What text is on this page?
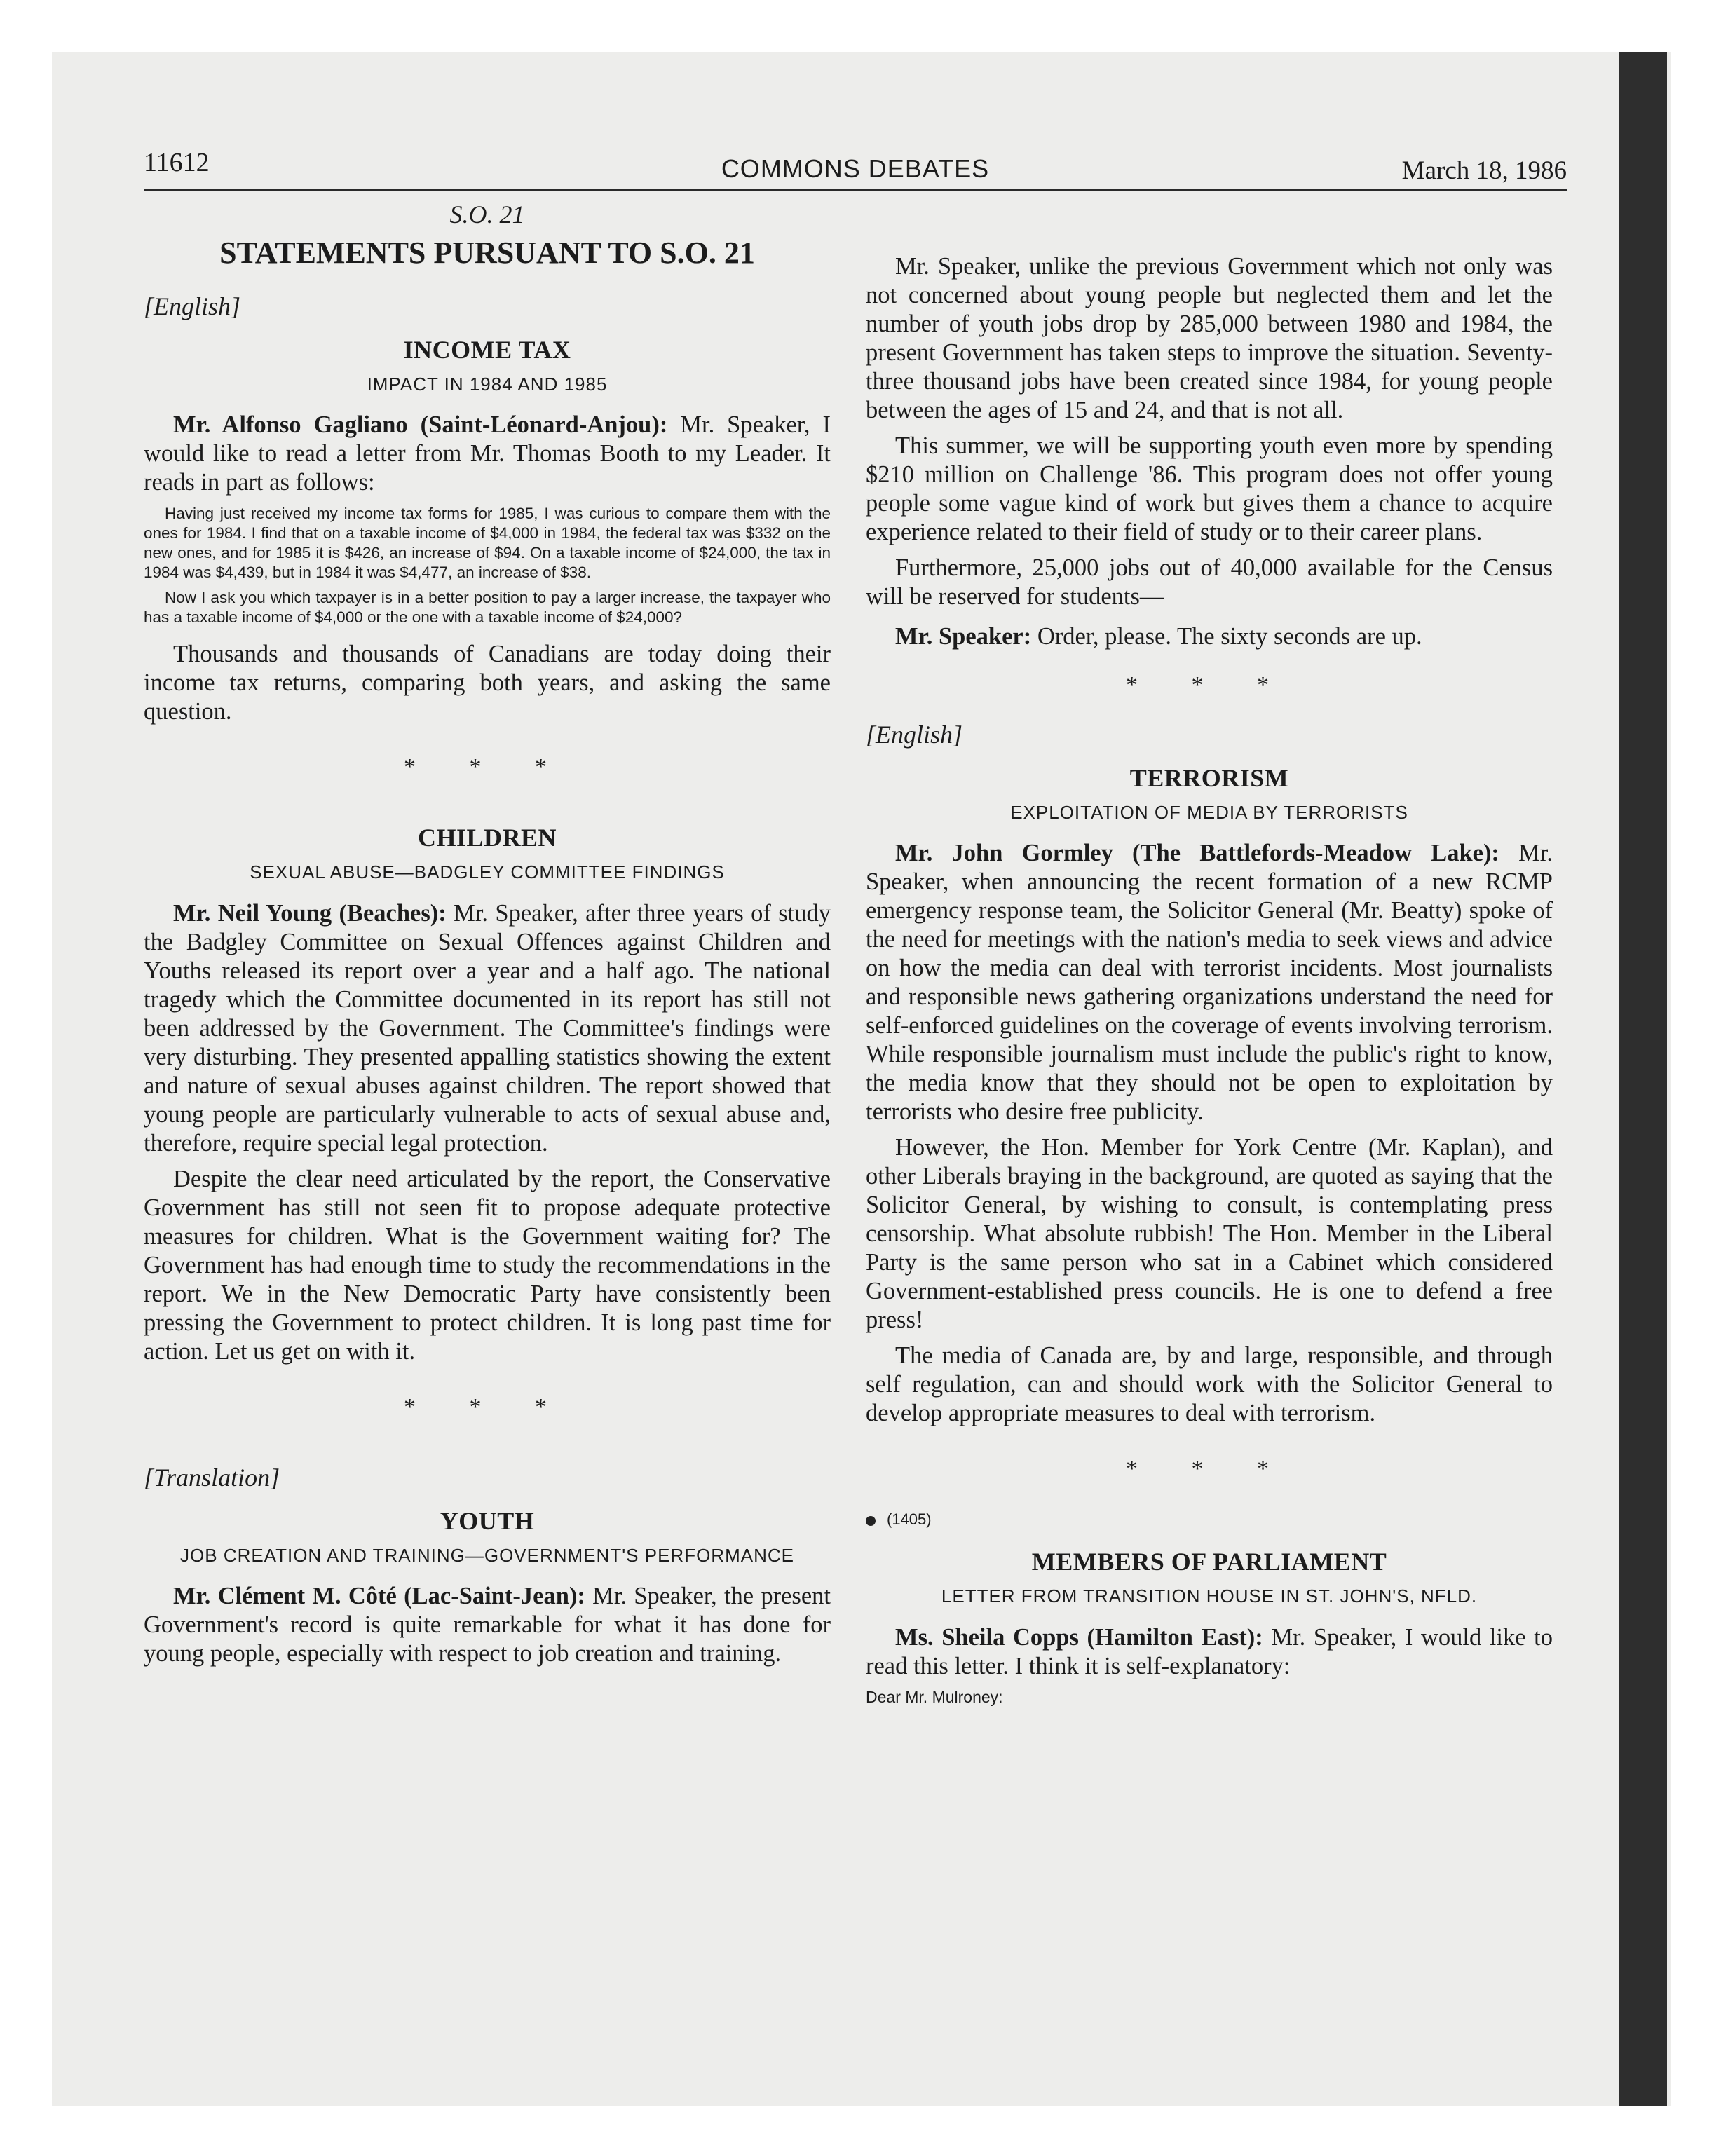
11612	COMMONS DEBATES	March 18, 1986
S.O. 21
STATEMENTS PURSUANT TO S.O. 21
[English]
INCOME TAX
IMPACT IN 1984 AND 1985

Mr. Alfonso Gagliano (Saint-Léonard-Anjou): Mr. Speaker, I would like to read a letter from Mr. Thomas Booth to my Leader. It reads in part as follows:

Having just received my income tax forms for 1985, I was curious to compare them with the ones for 1984. I find that on a taxable income of $4,000 in 1984, the federal tax was $332 on the new ones, and for 1985 it is $426, an increase of $94. On a taxable income of $24,000, the tax in 1984 was $4,439, but in 1984 it was $4,477, an increase of $38.
Now I ask you which taxpayer is in a better position to pay a larger increase, the taxpayer who has a taxable income of $4,000 or the one with a taxable income of $24,000?

Thousands and thousands of Canadians are today doing their income tax returns, comparing both years, and asking the same question.

* * *
CHILDREN
SEXUAL ABUSE—BADGLEY COMMITTEE FINDINGS

Mr. Neil Young (Beaches): Mr. Speaker, after three years of study the Badgley Committee on Sexual Offences against Children and Youths released its report over a year and a half ago. The national tragedy which the Committee documented in its report has still not been addressed by the Government. The Committee's findings were very disturbing. They presented appalling statistics showing the extent and nature of sexual abuses against children. The report showed that young people are particularly vulnerable to acts of sexual abuse and, therefore, require special legal protection.

Despite the clear need articulated by the report, the Conservative Government has still not seen fit to propose adequate protective measures for children. What is the Government waiting for? The Government has had enough time to study the recommendations in the report. We in the New Democratic Party have consistently been pressing the Government to protect children. It is long past time for action. Let us get on with it.

* * *
[Translation]
YOUTH
JOB CREATION AND TRAINING—GOVERNMENT'S PERFORMANCE

Mr. Clément M. Côté (Lac-Saint-Jean): Mr. Speaker, the present Government's record is quite remarkable for what it has done for young people, especially with respect to job creation and training.

Mr. Speaker, unlike the previous Government which not only was not concerned about young people but neglected them and let the number of youth jobs drop by 285,000 between 1980 and 1984, the present Government has taken steps to improve the situation. Seventy-three thousand jobs have been created since 1984, for young people between the ages of 15 and 24, and that is not all.

This summer, we will be supporting youth even more by spending $210 million on Challenge '86. This program does not offer young people some vague kind of work but gives them a chance to acquire experience related to their field of study or to their career plans.

Furthermore, 25,000 jobs out of 40,000 available for the Census will be reserved for students—

Mr. Speaker: Order, please. The sixty seconds are up.

* * *
[English]
TERRORISM
EXPLOITATION OF MEDIA BY TERRORISTS

Mr. John Gormley (The Battlefords-Meadow Lake): Mr. Speaker, when announcing the recent formation of a new RCMP emergency response team, the Solicitor General (Mr. Beatty) spoke of the need for meetings with the nation's media to seek views and advice on how the media can deal with terrorist incidents. Most journalists and responsible news gathering organizations understand the need for self-enforced guidelines on the coverage of events involving terrorism. While responsible journalism must include the public's right to know, the media know that they should not be open to exploitation by terrorists who desire free publicity.

However, the Hon. Member for York Centre (Mr. Kaplan), and other Liberals braying in the background, are quoted as saying that the Solicitor General, by wishing to consult, is contemplating press censorship. What absolute rubbish! The Hon. Member in the Liberal Party is the same person who sat in a Cabinet which considered Government-established press councils. He is one to defend a free press!

The media of Canada are, by and large, responsible, and through self regulation, can and should work with the Solicitor General to develop appropriate measures to deal with terrorism.

* * *
(1405)
MEMBERS OF PARLIAMENT
LETTER FROM TRANSITION HOUSE IN ST. JOHN'S, NFLD.

Ms. Sheila Copps (Hamilton East): Mr. Speaker, I would like to read this letter. I think it is self-explanatory:

Dear Mr. Mulroney:
